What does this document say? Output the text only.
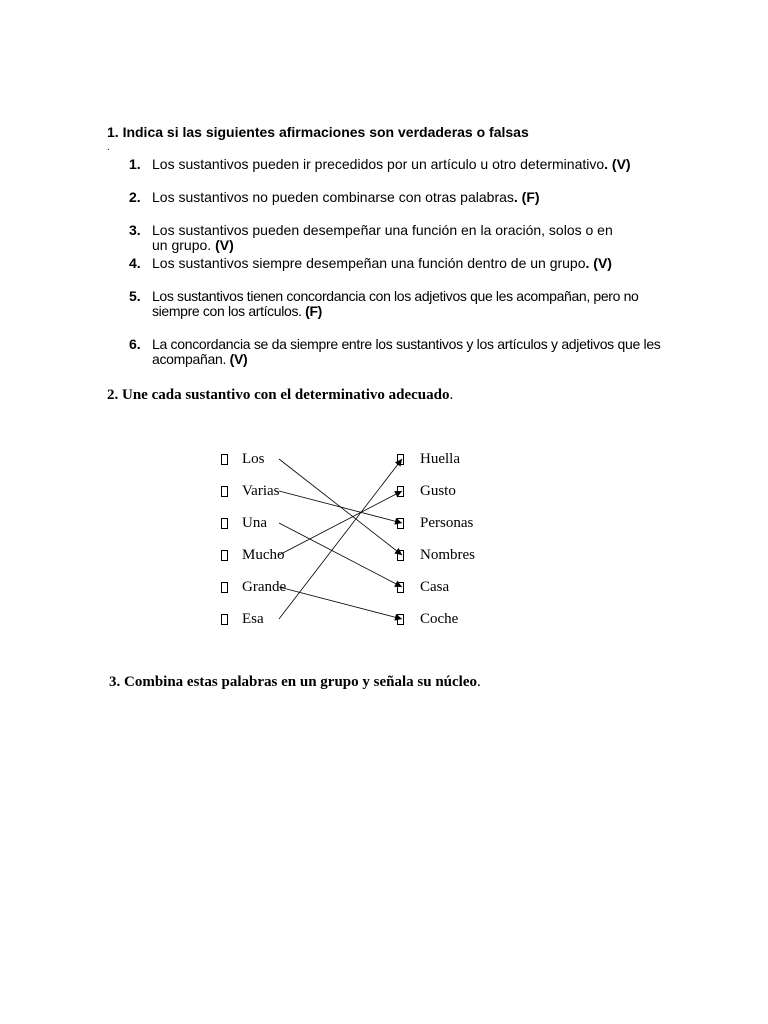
1. Indica si las siguientes afirmaciones son verdaderas o falsas
.
1. Los sustantivos pueden ir precedidos por un artículo u otro determinativo. (V)
2. Los sustantivos no pueden combinarse con otras palabras. (F)
3. Los sustantivos pueden desempeñar una función en la oración, solos o en un grupo. (V)
4. Los sustantivos siempre desempeñan una función dentro de un grupo. (V)
5. Los sustantivos tienen concordancia con los adjetivos que les acompañan, pero no siempre con los artículos. (F)
6. La concordancia se da siempre entre los sustantivos y los artículos y adjetivos que les acompañan. (V)
2. Une cada sustantivo con el determinativo adecuado.
Los
Varias
Una
Mucho
Grande
Esa
Huella
Gusto
Personas
Nombres
Casa
Coche
3. Combina estas palabras en un grupo y señala su núcleo.
